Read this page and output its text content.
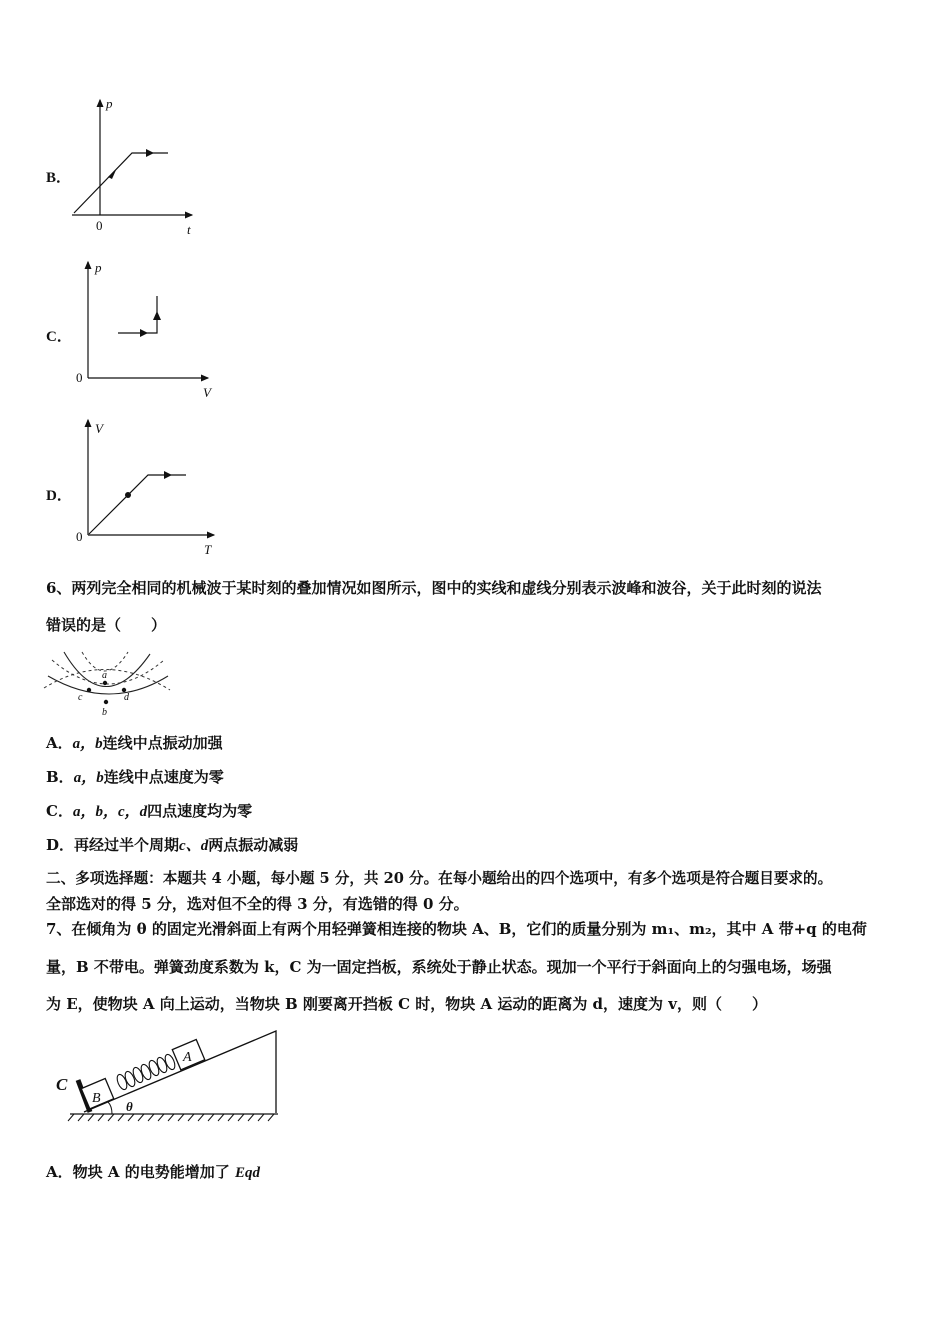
B．
p
t
0
C．
p
V
0
D．
V
T
0
6、两列完全相同的机械波于某时刻的叠加情况如图所示，图中的实线和虚线分别表示波峰和波谷，关于此时刻的说法
错误的是（　　）
a
b
c	d
A．a，b连线中点振动加强
B．a，b连线中点速度为零
C．a，b，c，d四点速度均为零
D．再经过半个周期c、d两点振动减弱
二、多项选择题：本题共 4 小题，每小题 5 分，共 20 分。在每小题给出的四个选项中，有多个选项是符合题目要求的。
全部选对的得 5 分，选对但不全的得 3 分，有选错的得 0 分。
7、在倾角为 θ 的固定光滑斜面上有两个用轻弹簧相连接的物块 A、B，它们的质量分别为 m₁、m₂，其中 A 带+q 的电荷
量，B 不带电。弹簧劲度系数为 k，C 为一固定挡板，系统处于静止状态。现加一个平行于斜面向上的匀强电场，场强
为 E，使物块 A 向上运动，当物块 B 刚要离开挡板 C 时，物块 A 运动的距离为 d，速度为 v，则（　　）
C
B
A
θ
A．物块 A 的电势能增加了 Eqd
